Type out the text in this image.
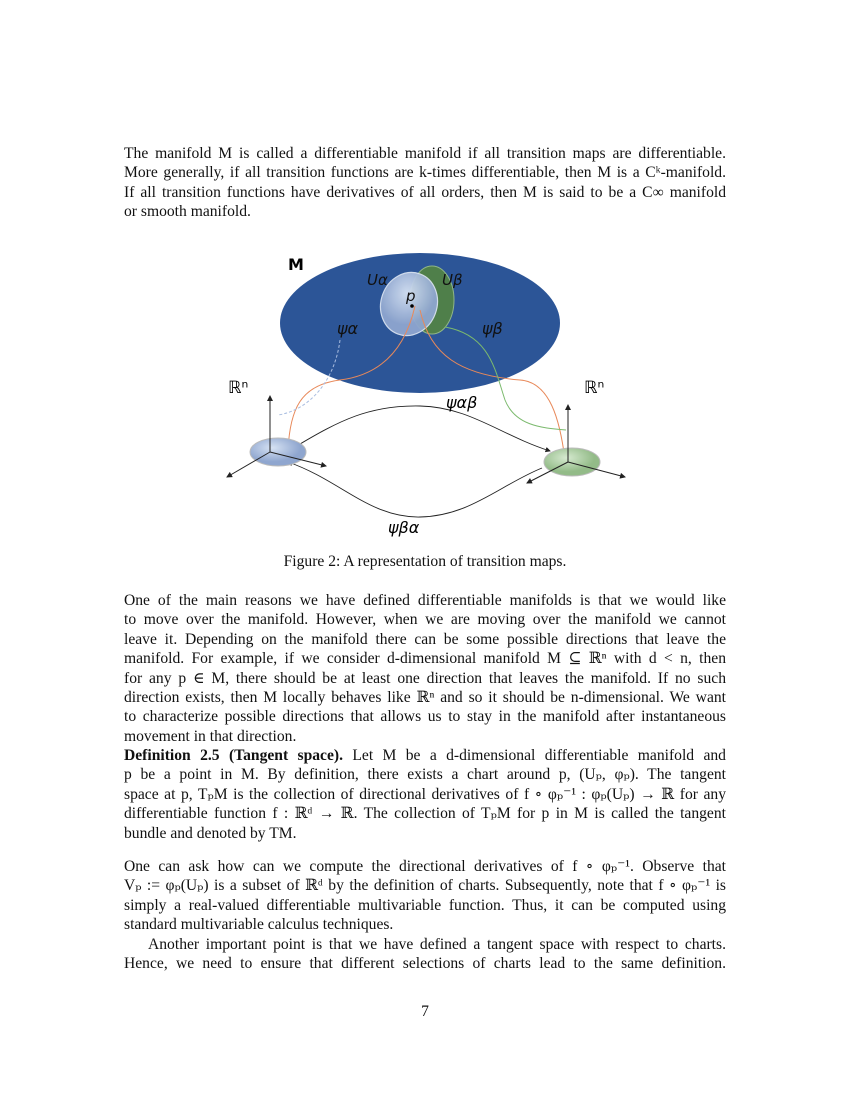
The manifold M is called a differentiable manifold if all transition maps are differentiable.
More generally, if all transition functions are k-times differentiable, then M is a Cᵏ-manifold.
If all transition functions have derivatives of all orders, then M is said to be a C∞ manifold
or smooth manifold.
M
Uα	Uβ
p
ψα	ψβ
ℝⁿ	ℝⁿ
ψαβ
ψβα
Figure 2: A representation of transition maps.
One of the main reasons we have defined differentiable manifolds is that we would like
to move over the manifold. However, when we are moving over the manifold we cannot
leave it. Depending on the manifold there can be some possible directions that leave the
manifold. For example, if we consider d-dimensional manifold M ⊆ ℝⁿ with d < n, then
for any p ∈ M, there should be at least one direction that leaves the manifold. If no such
direction exists, then M locally behaves like ℝⁿ and so it should be n-dimensional. We want
to characterize possible directions that allows us to stay in the manifold after instantaneous
movement in that direction.
Definition 2.5 (Tangent space). Let M be a d-dimensional differentiable manifold and
p be a point in M. By definition, there exists a chart around p, (Uₚ, φₚ). The tangent
space at p, TₚM is the collection of directional derivatives of f ∘ φₚ⁻¹ : φₚ(Uₚ) → ℝ for any
differentiable function f : ℝᵈ → ℝ. The collection of TₚM for p in M is called the tangent
bundle and denoted by TM.
One can ask how can we compute the directional derivatives of f ∘ φₚ⁻¹. Observe that
Vₚ := φₚ(Uₚ) is a subset of ℝᵈ by the definition of charts. Subsequently, note that f ∘ φₚ⁻¹ is
simply a real-valued differentiable multivariable function. Thus, it can be computed using
standard multivariable calculus techniques.
Another important point is that we have defined a tangent space with respect to charts.
Hence, we need to ensure that different selections of charts lead to the same definition.
7
